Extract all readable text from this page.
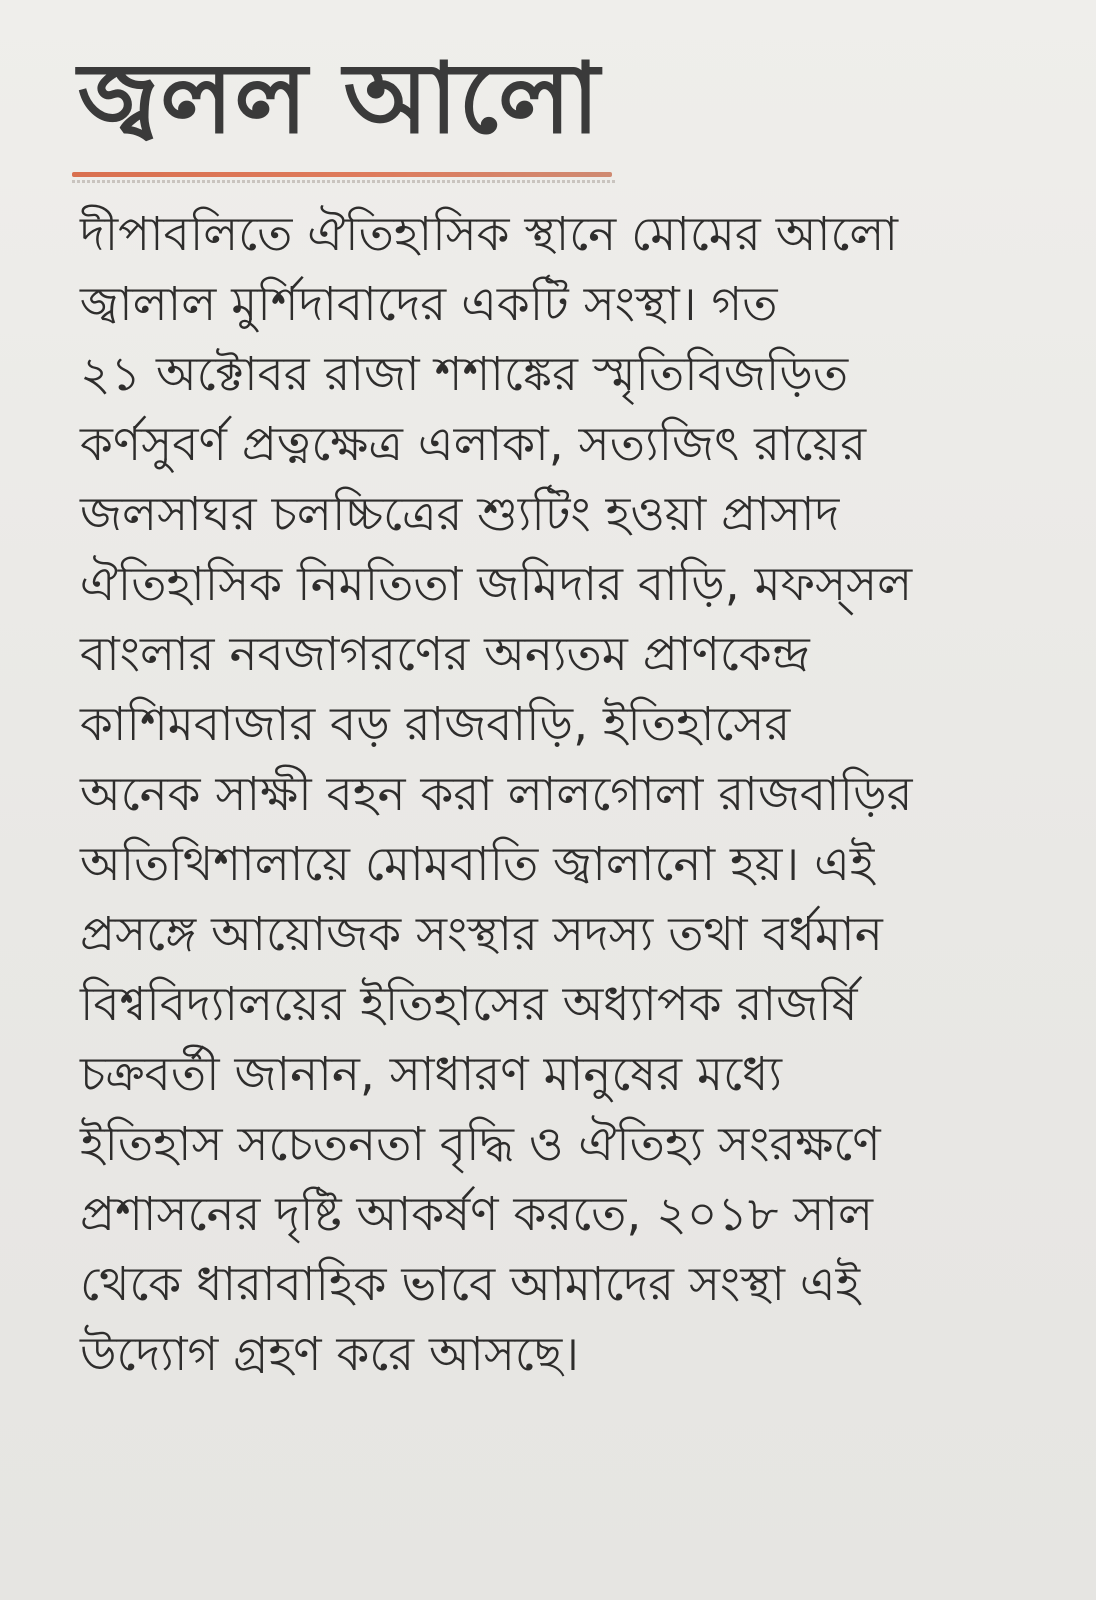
জ্বলল আলো
দীপাবলিতে ঐতিহাসিক স্থানে মোমের আলো
জ্বালাল মুর্শিদাবাদের একটি সংস্থা। গত
২১ অক্টোবর রাজা শশাঙ্কের স্মৃতিবিজড়িত
কর্ণসুবর্ণ প্রত্নক্ষেত্র এলাকা, সত্যজিৎ রায়ের
জলসাঘর চলচ্চিত্রের শ্যুটিং হওয়া প্রাসাদ
ঐতিহাসিক নিমতিতা জমিদার বাড়ি, মফস্‌সল
বাংলার নবজাগরণের অন্যতম প্রাণকেন্দ্র
কাশিমবাজার বড় রাজবাড়ি, ইতিহাসের
অনেক সাক্ষী বহন করা লালগোলা রাজবাড়ির
অতিথিশালায়ে মোমবাতি জ্বালানো হয়। এই
প্রসঙ্গে আয়োজক সংস্থার সদস্য তথা বর্ধমান
বিশ্ববিদ্যালয়ের ইতিহাসের অধ্যাপক রাজর্ষি
চক্রবর্তী জানান, সাধারণ মানুষের মধ্যে
ইতিহাস সচেতনতা বৃদ্ধি ও ঐতিহ্য সংরক্ষণে
প্রশাসনের দৃষ্টি আকর্ষণ করতে, ২০১৮ সাল
থেকে ধারাবাহিক ভাবে আমাদের সংস্থা এই
উদ্যোগ গ্রহণ করে আসছে।
